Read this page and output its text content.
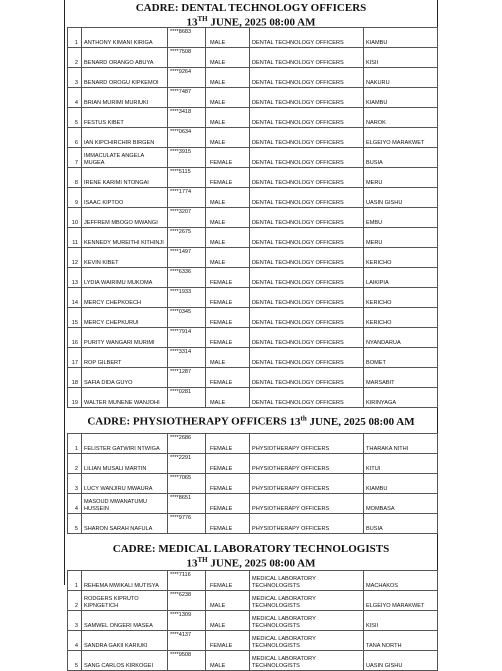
CADRE: DENTAL TECHNOLOGY OFFICERS
13TH JUNE, 2025 08:00 AM
1	ANTHONY KIMANI KIRIGA	****8683	MALE	DENTAL TECHNOLOGY OFFICERS	KIAMBU
2	BENARD ORANGO ABUYA	****7508	MALE	DENTAL TECHNOLOGY OFFICERS	KISII
3	BENARD OROGU KIPKEMOI	****9264	MALE	DENTAL TECHNOLOGY OFFICERS	NAKURU
4	BRIAN MURIMI MURIUKI	****7487	MALE	DENTAL TECHNOLOGY OFFICERS	KIAMBU
5	FESTUS KIBET	****3418	MALE	DENTAL TECHNOLOGY OFFICERS	NAROK
6	IAN KIPCHIRCHIR BIRGEN	****0634	MALE	DENTAL TECHNOLOGY OFFICERS	ELGEIYO MARAKWET
7	IMMACULATE ANGELA MUGEA	****3915	FEMALE	DENTAL TECHNOLOGY OFFICERS	BUSIA
8	IRENE KARIMI NTONGAI	****5115	FEMALE	DENTAL TECHNOLOGY OFFICERS	MERU
9	ISAAC KIPTOO	****1774	MALE	DENTAL TECHNOLOGY OFFICERS	UASIN GISHU
10	JEFFREM MBOGO MWANGI	****3207	MALE	DENTAL TECHNOLOGY OFFICERS	EMBU
11	KENNEDY MUREITHI KITHINJI	****2675	MALE	DENTAL TECHNOLOGY OFFICERS	MERU
12	KEVIN KIBET	****1497	MALE	DENTAL TECHNOLOGY OFFICERS	KERICHO
13	LYDIA WAIRIMU MUKOMA	****6336	FEMALE	DENTAL TECHNOLOGY OFFICERS	LAIKIPIA
14	MERCY CHEPKOECH	****1933	FEMALE	DENTAL TECHNOLOGY OFFICERS	KERICHO
15	MERCY CHEPKURUI	****0345	FEMALE	DENTAL TECHNOLOGY OFFICERS	KERICHO
16	PURITY WANGARI MURIMI	****7914	FEMALE	DENTAL TECHNOLOGY OFFICERS	NYANDARUA
17	ROP GILBERT	****3314	MALE	DENTAL TECHNOLOGY OFFICERS	BOMET
18	SAFIA DIDA GUYO	****1287	FEMALE	DENTAL TECHNOLOGY OFFICERS	MARSABIT
19	WALTER MUNENE WANJOHI	****0281	MALE	DENTAL TECHNOLOGY OFFICERS	KIRINYAGA
CADRE: PHYSIOTHERAPY OFFICERS 13th JUNE, 2025 08:00 AM
1	FELISTER GATWIRI NTWIGA	****2686	FEMALE	PHYSIOTHERAPY OFFICERS	THARAKA NITHI
2	LILIAN MUSALI MARTIN	****2291	FEMALE	PHYSIOTHERAPY OFFICERS	KITUI
3	LUCY WANJIRU MWAURA	****7065	FEMALE	PHYSIOTHERAPY OFFICERS	KIAMBU
4	MASOUD MWANATUMU HUSSEIN	****8651	FEMALE	PHYSIOTHERAPY OFFICERS	MOMBASA
5	SHARON SARAH NAFULA	****9776	FEMALE	PHYSIOTHERAPY OFFICERS	BUSIA
CADRE: MEDICAL LABORATORY TECHNOLOGISTS
13TH JUNE, 2025 08:00 AM
1	REHEMA MWIKALI MUTISYA	****7116	FEMALE	MEDICAL LABORATORY TECHNOLOGISTS	MACHAKOS
2	RODGERS KIPRUTO KIPNGETICH	****6238	MALE	MEDICAL LABORATORY TECHNOLOGISTS	ELGEIYO MARAKWET
3	SAMWEL ONGERI MASEA	****1309	MALE	MEDICAL LABORATORY TECHNOLOGISTS	KISII
4	SANDRA GAKII KARIUKI	****4137	FEMALE	MEDICAL LABORATORY TECHNOLOGISTS	TANA NORTH
5	SANG CARLOS KIRKOGEI	****9508	MALE	MEDICAL LABORATORY TECHNOLOGISTS	UASIN GISHU
